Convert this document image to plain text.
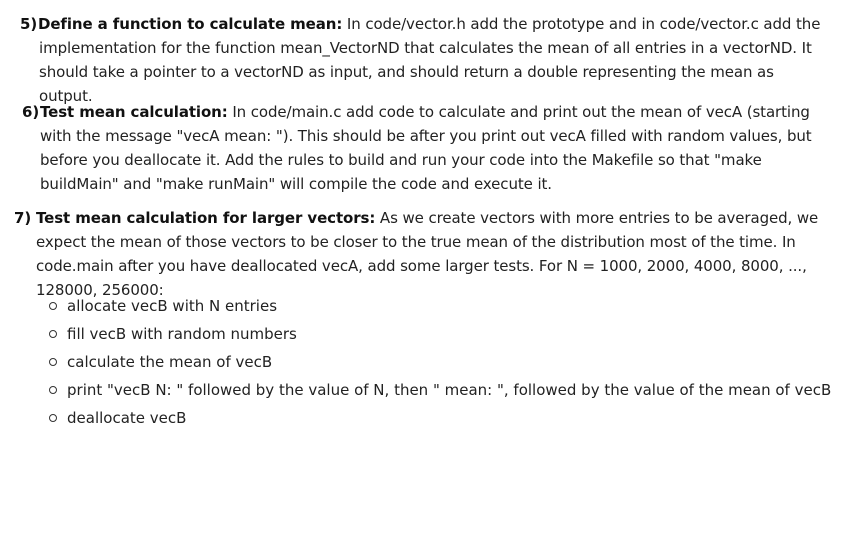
5) Define a function to calculate mean: In code/vector.h add the prototype and in code/vector.c add the implementation for the function mean_VectorND that calculates the mean of all entries in a vectorND. It should take a pointer to a vectorND as input, and should return a double representing the mean as output.
6) Test mean calculation: In code/main.c add code to calculate and print out the mean of vecA (starting with the message "vecA mean: "). This should be after you print out vecA filled with random values, but before you deallocate it. Add the rules to build and run your code into the Makefile so that "make buildMain" and "make runMain" will compile the code and execute it.
7) Test mean calculation for larger vectors: As we create vectors with more entries to be averaged, we expect the mean of those vectors to be closer to the true mean of the distribution most of the time. In code.main after you have deallocated vecA, add some larger tests. For N = 1000, 2000, 4000, 8000, ..., 128000, 256000:
allocate vecB with N entries
fill vecB with random numbers
calculate the mean of vecB
print "vecB N: " followed by the value of N, then " mean: ", followed by the value of the mean of vecB
deallocate vecB
